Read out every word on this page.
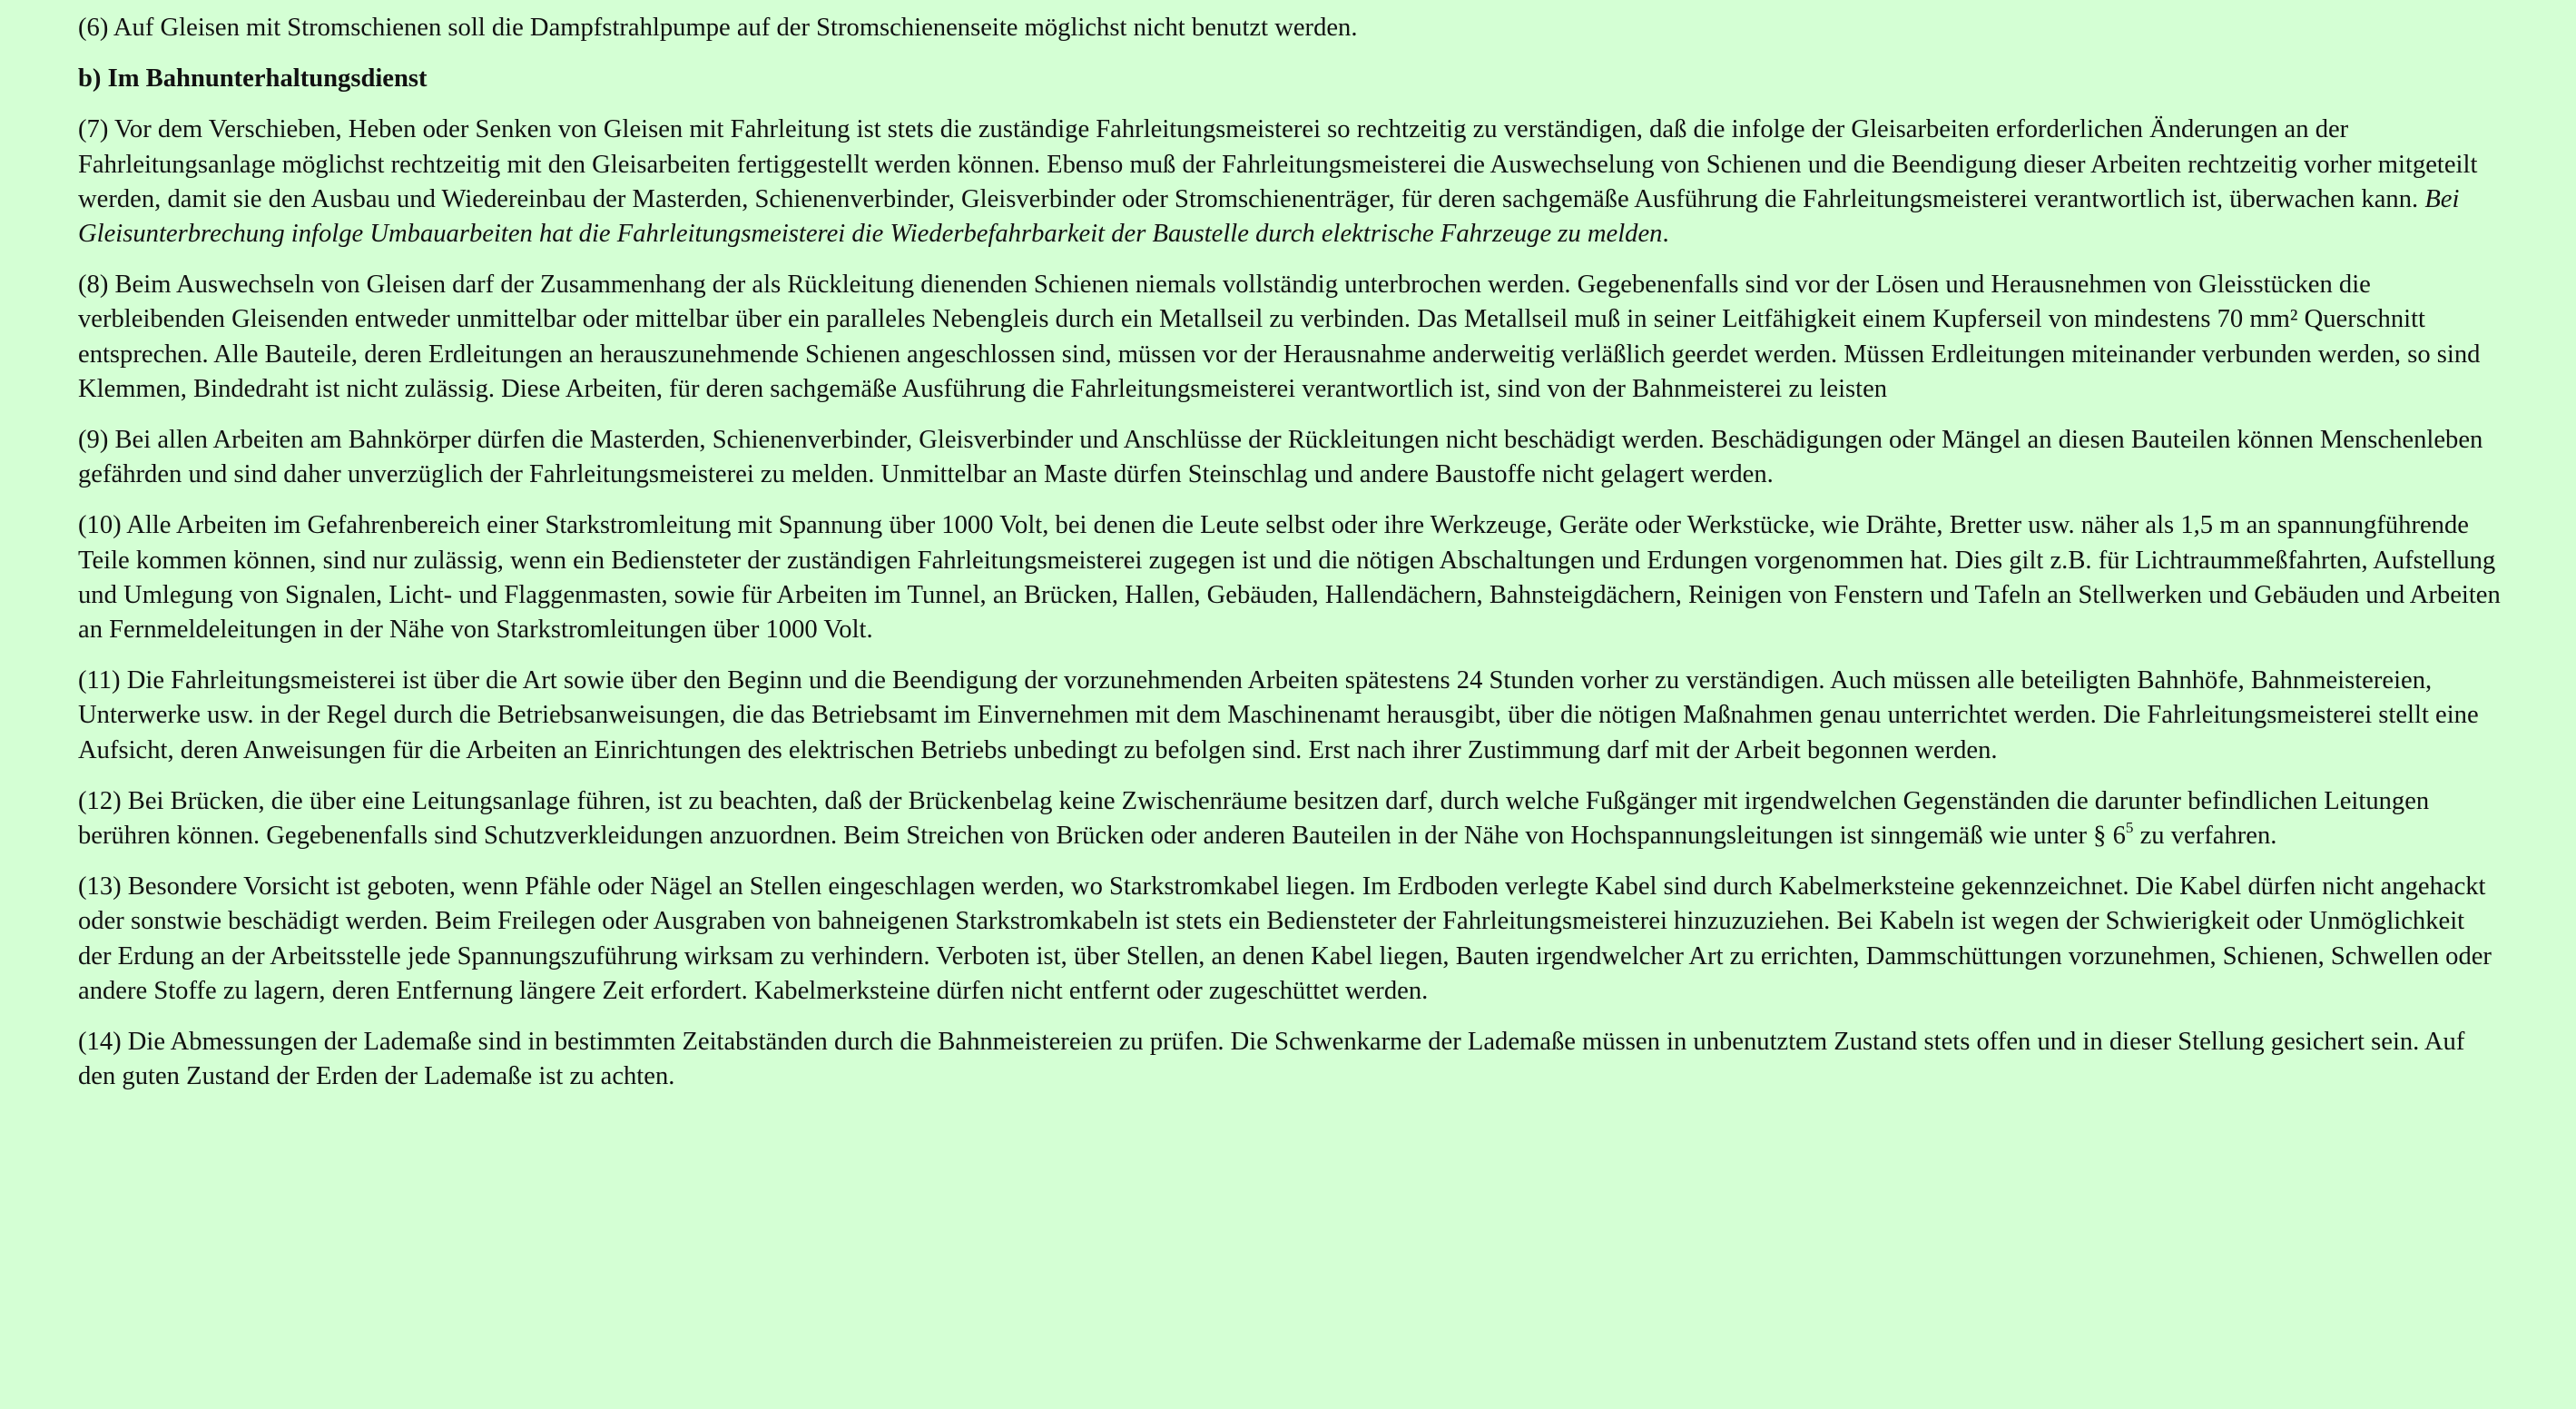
(6) Auf Gleisen mit Stromschienen soll die Dampfstrahlpumpe auf der Stromschienenseite möglichst nicht benutzt werden.

b) Im Bahnunterhaltungsdienst

(7) Vor dem Verschieben, Heben oder Senken von Gleisen mit Fahrleitung ist stets die zuständige Fahrleitungsmeisterei so rechtzeitig zu verständigen, daß die infolge der Gleisarbeiten erforderlichen Änderungen an der Fahrleitungsanlage möglichst rechtzeitig mit den Gleisarbeiten fertiggestellt werden können. Ebenso muß der Fahrleitungsmeisterei die Auswechselung von Schienen und die Beendigung dieser Arbeiten rechtzeitig vorher mitgeteilt werden, damit sie den Ausbau und Wiedereinbau der Masterden, Schienenverbinder, Gleisverbinder oder Stromschienenträger, für deren sachgemäße Ausführung die Fahrleitungsmeisterei verantwortlich ist, überwachen kann. Bei Gleisunterbrechung infolge Umbauarbeiten hat die Fahrleitungsmeisterei die Wiederbefahrbarkeit der Baustelle durch elektrische Fahrzeuge zu melden.

(8) Beim Auswechseln von Gleisen darf der Zusammenhang der als Rückleitung dienenden Schienen niemals vollständig unterbrochen werden. Gegebenenfalls sind vor der Lösen und Herausnehmen von Gleisstücken die verbleibenden Gleisenden entweder unmittelbar oder mittelbar über ein paralleles Nebengleis durch ein Metallseil zu verbinden. Das Metallseil muß in seiner Leitfähigkeit einem Kupferseil von mindestens 70 mm² Querschnitt entsprechen. Alle Bauteile, deren Erdleitungen an herauszunehmende Schienen angeschlossen sind, müssen vor der Herausnahme anderweitig verläßlich geerdet werden. Müssen Erdleitungen miteinander verbunden werden, so sind Klemmen, Bindedraht ist nicht zulässig. Diese Arbeiten, für deren sachgemäße Ausführung die Fahrleitungsmeisterei verantwortlich ist, sind von der Bahnmeisterei zu leisten

(9) Bei allen Arbeiten am Bahnkörper dürfen die Masterden, Schienenverbinder, Gleisverbinder und Anschlüsse der Rückleitungen nicht beschädigt werden. Beschädigungen oder Mängel an diesen Bauteilen können Menschenleben gefährden und sind daher unverzüglich der Fahrleitungsmeisterei zu melden. Unmittelbar an Maste dürfen Steinschlag und andere Baustoffe nicht gelagert werden.

(10) Alle Arbeiten im Gefahrenbereich einer Starkstromleitung mit Spannung über 1000 Volt, bei denen die Leute selbst oder ihre Werkzeuge, Geräte oder Werkstücke, wie Drähte, Bretter usw. näher als 1,5 m an spannungführende Teile kommen können, sind nur zulässig, wenn ein Bediensteter der zuständigen Fahrleitungsmeisterei zugegen ist und die nötigen Abschaltungen und Erdungen vorgenommen hat. Dies gilt z.B. für Lichtraummeßfahrten, Aufstellung und Umlegung von Signalen, Licht- und Flaggenmasten, sowie für Arbeiten im Tunnel, an Brücken, Hallen, Gebäuden, Hallendächern, Bahnsteigdächern, Reinigen von Fenstern und Tafeln an Stellwerken und Gebäuden und Arbeiten an Fernmeldeleitungen in der Nähe von Starkstromleitungen über 1000 Volt.

(11) Die Fahrleitungsmeisterei ist über die Art sowie über den Beginn und die Beendigung der vorzunehmenden Arbeiten spätestens 24 Stunden vorher zu verständigen. Auch müssen alle beteiligten Bahnhöfe, Bahnmeistereien, Unterwerke usw. in der Regel durch die Betriebsanweisungen, die das Betriebsamt im Einvernehmen mit dem Maschinenamt herausgibt, über die nötigen Maßnahmen genau unterrichtet werden. Die Fahrleitungsmeisterei stellt eine Aufsicht, deren Anweisungen für die Arbeiten an Einrichtungen des elektrischen Betriebs unbedingt zu befolgen sind. Erst nach ihrer Zustimmung darf mit der Arbeit begonnen werden.

(12) Bei Brücken, die über eine Leitungsanlage führen, ist zu beachten, daß der Brückenbelag keine Zwischenräume besitzen darf, durch welche Fußgänger mit irgendwelchen Gegenständen die darunter befindlichen Leitungen berühren können. Gegebenenfalls sind Schutzverkleidungen anzuordnen. Beim Streichen von Brücken oder anderen Bauteilen in der Nähe von Hochspannungsleitungen ist sinngemäß wie unter § $6^5$ zu verfahren.

(13) Besondere Vorsicht ist geboten, wenn Pfähle oder Nägel an Stellen eingeschlagen werden, wo Starkstromkabel liegen. Im Erdboden verlegte Kabel sind durch Kabelmerksteine gekennzeichnet. Die Kabel dürfen nicht angehackt oder sonstwie beschädigt werden. Beim Freilegen oder Ausgraben von bahneigenen Starkstromkabeln ist stets ein Bediensteter der Fahrleitungsmeisterei hinzuzuziehen. Bei Kabeln ist wegen der Schwierigkeit oder Unmöglichkeit der Erdung an der Arbeitsstelle jede Spannungszuführung wirksam zu verhindern. Verboten ist, über Stellen, an denen Kabel liegen, Bauten irgendwelcher Art zu errichten, Dammschüttungen vorzunehmen, Schienen, Schwellen oder andere Stoffe zu lagern, deren Entfernung längere Zeit erfordert. Kabelmerksteine dürfen nicht entfernt oder zugeschüttet werden.

(14) Die Abmessungen der Lademaße sind in bestimmten Zeitabständen durch die Bahnmeistereien zu prüfen. Die Schwenkarme der Lademaße müssen in unbenutztem Zustand stets offen und in dieser Stellung gesichert sein. Auf den guten Zustand der Erden der Lademaße ist zu achten.
